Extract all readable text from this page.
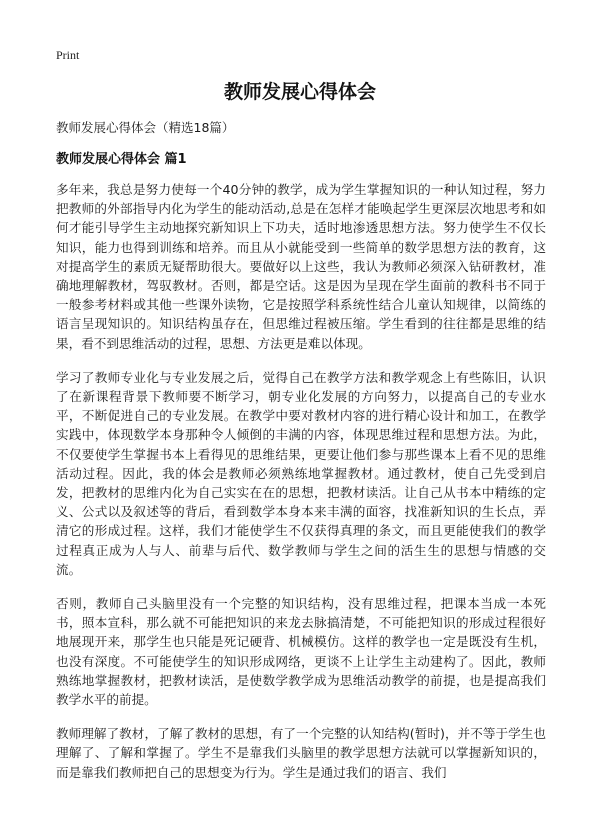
Print
教师发展心得体会
教师发展心得体会（精选18篇）
教师发展心得体会 篇1

多年来，我总是努力使每一个40分钟的教学，成为学生掌握知识的一种认知过程，努力把教师的外部指导内化为学生的能动活动,总是在怎样才能唤起学生更深层次地思考和如何才能引导学生主动地探究新知识上下功夫，适时地渗透思想方法。努力使学生不仅长知识，能力也得到训练和培养。而且从小就能受到一些简单的数学思想方法的教育，这对提高学生的素质无疑帮助很大。要做好以上这些，我认为教师必须深入钻研教材，准确地理解教材，驾驭教材。否则，都是空话。这是因为呈现在学生面前的教科书不同于一般参考材料或其他一些课外读物，它是按照学科系统性结合儿童认知规律，以简练的语言呈现知识的。知识结构虽存在，但思维过程被压缩。学生看到的往往都是思维的结果，看不到思维活动的过程，思想、方法更是难以体现。

学习了教师专业化与专业发展之后，觉得自己在教学方法和教学观念上有些陈旧，认识了在新课程背景下教师要不断学习，朝专业化发展的方向努力，以提高自己的专业水平，不断促进自己的专业发展。在教学中要对教材内容的进行精心设计和加工，在教学实践中，体现数学本身那种令人倾倒的丰满的内容，体现思维过程和思想方法。为此，不仅要使学生掌握书本上看得见的思维结果，更要让他们参与那些课本上看不见的思维活动过程。因此，我的体会是教师必须熟练地掌握教材。通过教材，使自己先受到启发，把教材的思维内化为自己实实在在的思想，把教材读活。让自己从书本中精练的定义、公式以及叙述等的背后，看到数学本身本来丰满的面容，找准新知识的生长点，弄清它的形成过程。这样，我们才能使学生不仅获得真理的条文，而且更能使我们的教学过程真正成为人与人、前辈与后代、数学教师与学生之间的活生生的思想与情感的交流。

否则，教师自己头脑里没有一个完整的知识结构，没有思维过程，把课本当成一本死书，照本宣科，那么就不可能把知识的来龙去脉搞清楚，不可能把知识的形成过程很好地展现开来，那学生也只能是死记硬背、机械模仿。这样的教学也一定是既没有生机，也没有深度。不可能使学生的知识形成网络，更谈不上让学生主动建构了。因此，教师熟练地掌握教材，把教材读活，是使数学教学成为思维活动教学的前提，也是提高我们教学水平的前提。

教师理解了教材，了解了教材的思想，有了一个完整的认知结构(暂时)，并不等于学生也理解了、了解和掌握了。学生不是靠我们头脑里的教学思想方法就可以掌握新知识的，而是靠我们教师把自己的思想变为行为。学生是通过我们的语言、我们
